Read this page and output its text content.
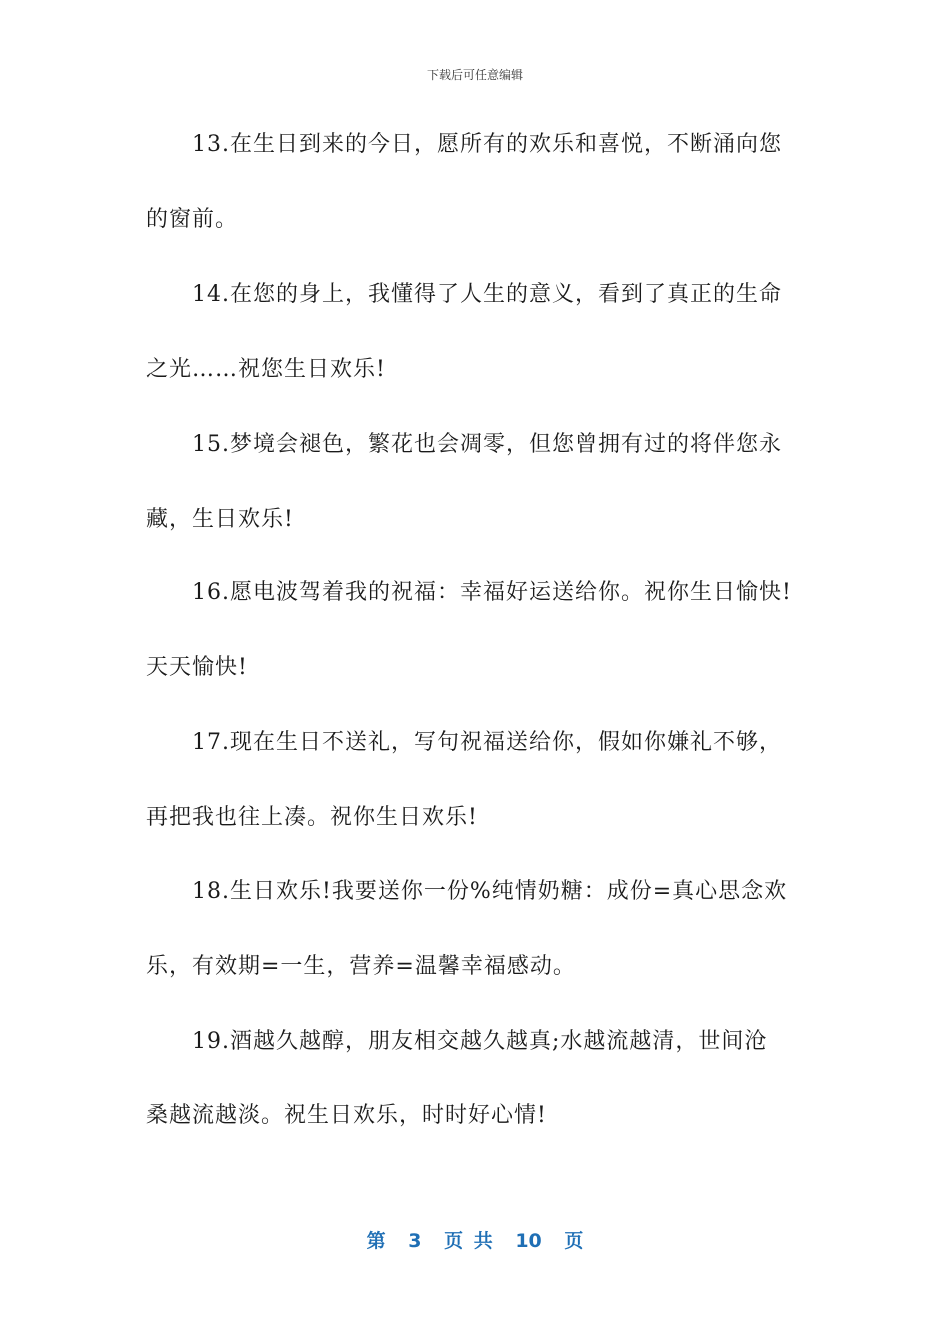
下载后可任意编辑
13.在生日到来的今日，愿所有的欢乐和喜悦，不断涌向您
的窗前。
14.在您的身上，我懂得了人生的意义，看到了真正的生命
之光……祝您生日欢乐!
15.梦境会褪色，繁花也会凋零，但您曾拥有过的将伴您永
藏，生日欢乐!
16.愿电波驾着我的祝福：幸福好运送给你。祝你生日愉快!
天天愉快!
17.现在生日不送礼，写句祝福送给你，假如你嫌礼不够，
再把我也往上凑。祝你生日欢乐!
18.生日欢乐!我要送你一份%纯情奶糖：成份=真心思念欢
乐，有效期=一生，营养=温馨幸福感动。
19.酒越久越醇，朋友相交越久越真;水越流越清，世间沧
桑越流越淡。祝生日欢乐，时时好心情!
第 3 页 共 10 页
